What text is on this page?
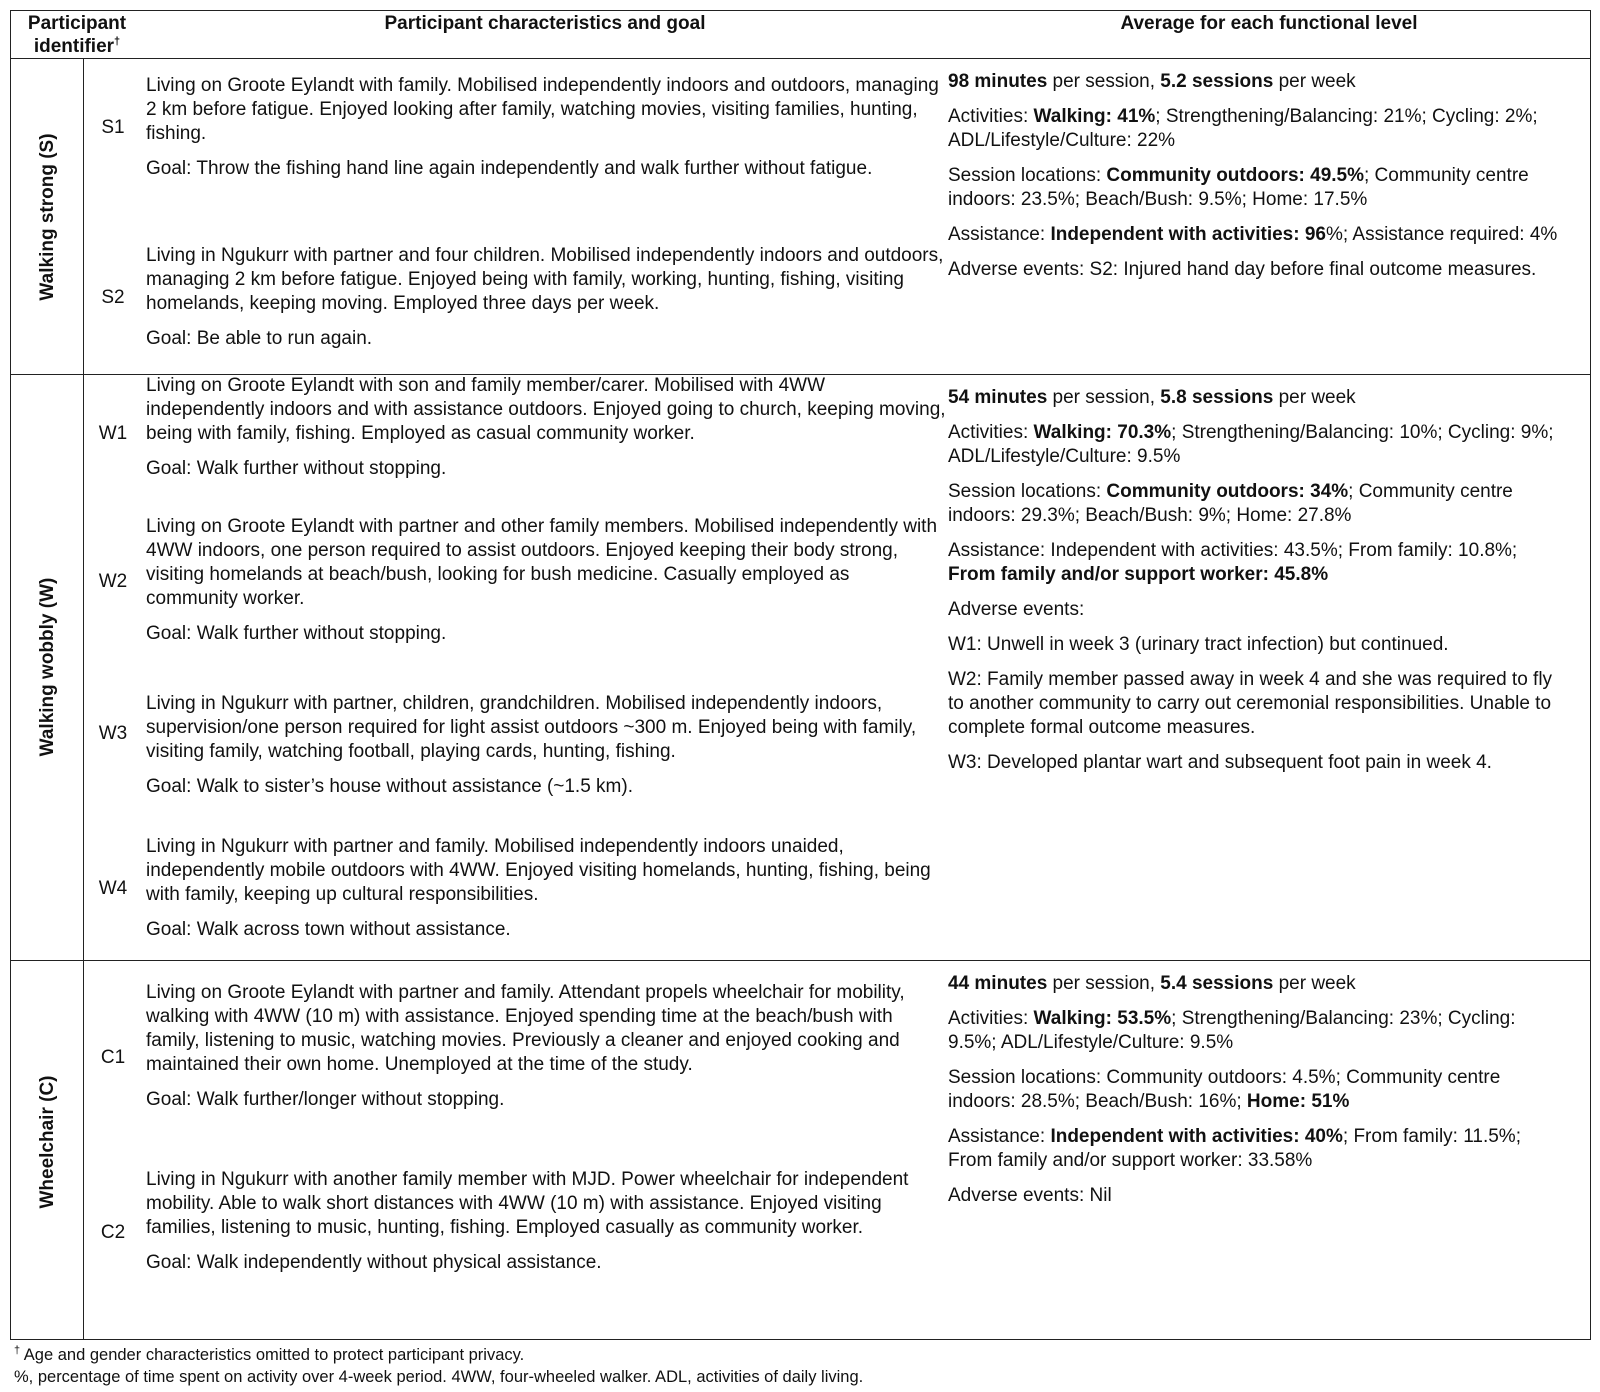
Participant identifier†
Participant characteristics and goal	Average for each functional level
Walking strong (S)
Walking wobbly (W)
Wheelchair (C)
S1

Living on Groote Eylandt with family. Mobilised independently indoors and outdoors, managing 2 km before fatigue. Enjoyed looking after family, watching movies, visiting families, hunting, fishing.

Goal: Throw the fishing hand line again independently and walk further without fatigue.

S2

Living in Ngukurr with partner and four children. Mobilised independently indoors and outdoors, managing 2 km before fatigue. Enjoyed being with family, working, hunting, fishing, visiting homelands, keeping moving. Employed three days per week.

Goal: Be able to run again.

98 minutes per session, 5.2 sessions per week

Activities: Walking: 41%; Strengthening/Balancing: 21%; Cycling: 2%; ADL/Lifestyle/Culture: 22%

Session locations: Community outdoors: 49.5%; Community centre indoors: 23.5%; Beach/Bush: 9.5%; Home: 17.5%

Assistance: Independent with activities: 96%; Assistance required: 4%

Adverse events: S2: Injured hand day before final outcome measures.

W1

Living on Groote Eylandt with son and family member/carer. Mobilised with 4WW independently indoors and with assistance outdoors. Enjoyed going to church, keeping moving, being with family, fishing. Employed as casual community worker.

Goal: Walk further without stopping.

W2

Living on Groote Eylandt with partner and other family members. Mobilised independently with 4WW indoors, one person required to assist outdoors. Enjoyed keeping their body strong, visiting homelands at beach/bush, looking for bush medicine. Casually employed as community worker.

Goal: Walk further without stopping.

W3

Living in Ngukurr with partner, children, grandchildren. Mobilised independently indoors, supervision/one person required for light assist outdoors ~300 m. Enjoyed being with family, visiting family, watching football, playing cards, hunting, fishing.

Goal: Walk to sister’s house without assistance (~1.5 km).

W4

Living in Ngukurr with partner and family. Mobilised independently indoors unaided, independently mobile outdoors with 4WW. Enjoyed visiting homelands, hunting, fishing, being with family, keeping up cultural responsibilities.

Goal: Walk across town without assistance.

54 minutes per session, 5.8 sessions per week

Activities: Walking: 70.3%; Strengthening/Balancing: 10%; Cycling: 9%; ADL/Lifestyle/Culture: 9.5%

Session locations: Community outdoors: 34%; Community centre indoors: 29.3%; Beach/Bush: 9%; Home: 27.8%

Assistance: Independent with activities: 43.5%; From family: 10.8%; From family and/or support worker: 45.8%

Adverse events:

W1: Unwell in week 3 (urinary tract infection) but continued.

W2: Family member passed away in week 4 and she was required to fly to another community to carry out ceremonial responsibilities. Unable to complete formal outcome measures.

W3: Developed plantar wart and subsequent foot pain in week 4.

C1

Living on Groote Eylandt with partner and family. Attendant propels wheelchair for mobility, walking with 4WW (10 m) with assistance. Enjoyed spending time at the beach/bush with family, listening to music, watching movies. Previously a cleaner and enjoyed cooking and maintained their own home. Unemployed at the time of the study.

Goal: Walk further/longer without stopping.

C2

Living in Ngukurr with another family member with MJD. Power wheelchair for independent mobility. Able to walk short distances with 4WW (10 m) with assistance. Enjoyed visiting families, listening to music, hunting, fishing. Employed casually as community worker.

Goal: Walk independently without physical assistance.

44 minutes per session, 5.4 sessions per week

Activities: Walking: 53.5%; Strengthening/Balancing: 23%; Cycling: 9.5%; ADL/Lifestyle/Culture: 9.5%

Session locations: Community outdoors: 4.5%; Community centre indoors: 28.5%; Beach/Bush: 16%; Home: 51%

Assistance: Independent with activities: 40%; From family: 11.5%; From family and/or support worker: 33.58%

Adverse events: Nil

† Age and gender characteristics omitted to protect participant privacy.
%, percentage of time spent on activity over 4-week period. 4WW, four-wheeled walker. ADL, activities of daily living.
